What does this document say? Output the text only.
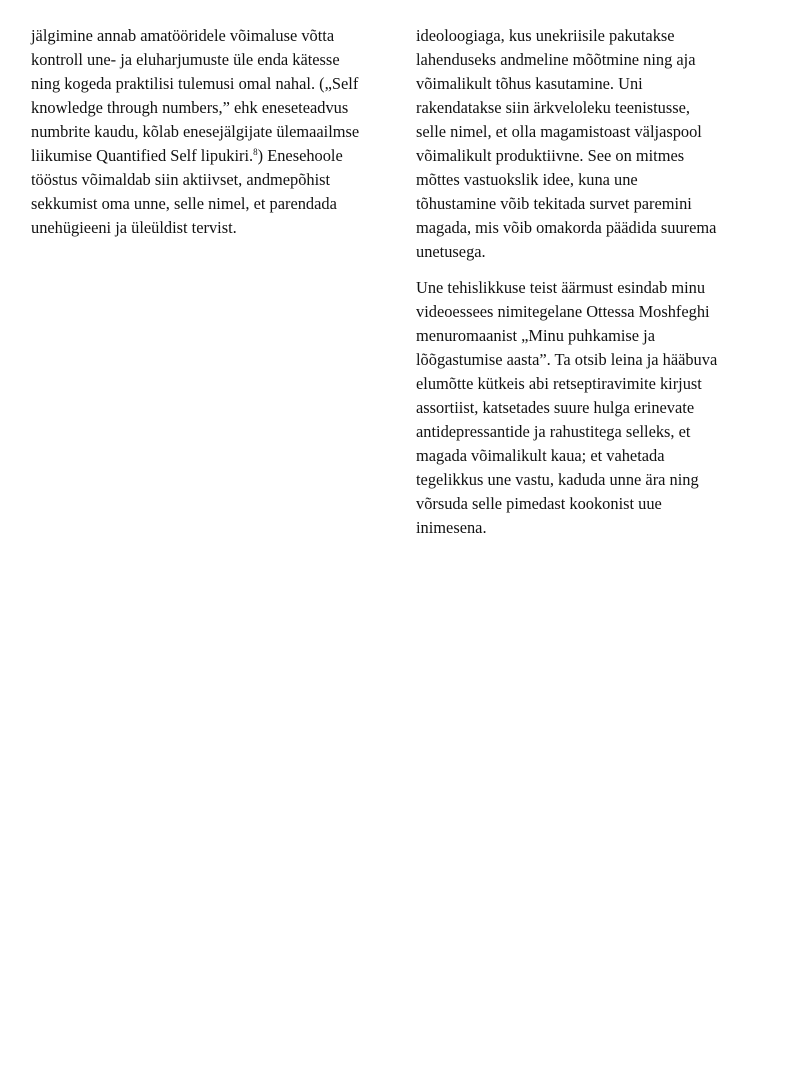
jälgimine annab amatööridele võimaluse võtta
kontroll une- ja eluharjumuste üle enda kätesse
ning kogeda praktilisi tulemusi omal nahal. („Self
knowledge through numbers,” ehk eneseteadvus
numbrite kaudu, kõlab enesejälgijate ülemaailmse
liikumise Quantified Self lipukiri.$^8$) Enesehoole
tööstus võimaldab siin aktiivset, andmepõhist
sekkumist oma unne, selle nimel, et parendada
unehügieeni ja üleüldist tervist.

ideoloogiaga, kus unekriisile pakutakse
lahenduseks andmeline mõõtmine ning aja
võimalikult tõhus kasutamine. Uni
rakendatakse siin ärkveloleku teenistusse,
selle nimel, et olla magamistoast väljaspool
võimalikult produktiivne. See on mitmes
mõttes vastuokslik idee, kuna une
tõhustamine võib tekitada survet paremini
magada, mis võib omakorda päädida suurema
unetusega.

Une tehislikkuse teist äärmust esindab minu
videoessees nimitegelane Ottessa Moshfeghi
menuromaanist „Minu puhkamise ja
lõõgastumise aasta”. Ta otsib leina ja hääbuva
elumõtte kütkeis abi retseptiravimite kirjust
assortiist, katsetades suure hulga erinevate
antidepressantide ja rahustitega selleks, et
magada võimalikult kaua; et vahetada
tegelikkus une vastu, kaduda unne ära ning
võrsuda selle pimedast kookonist uue
inimesena.
